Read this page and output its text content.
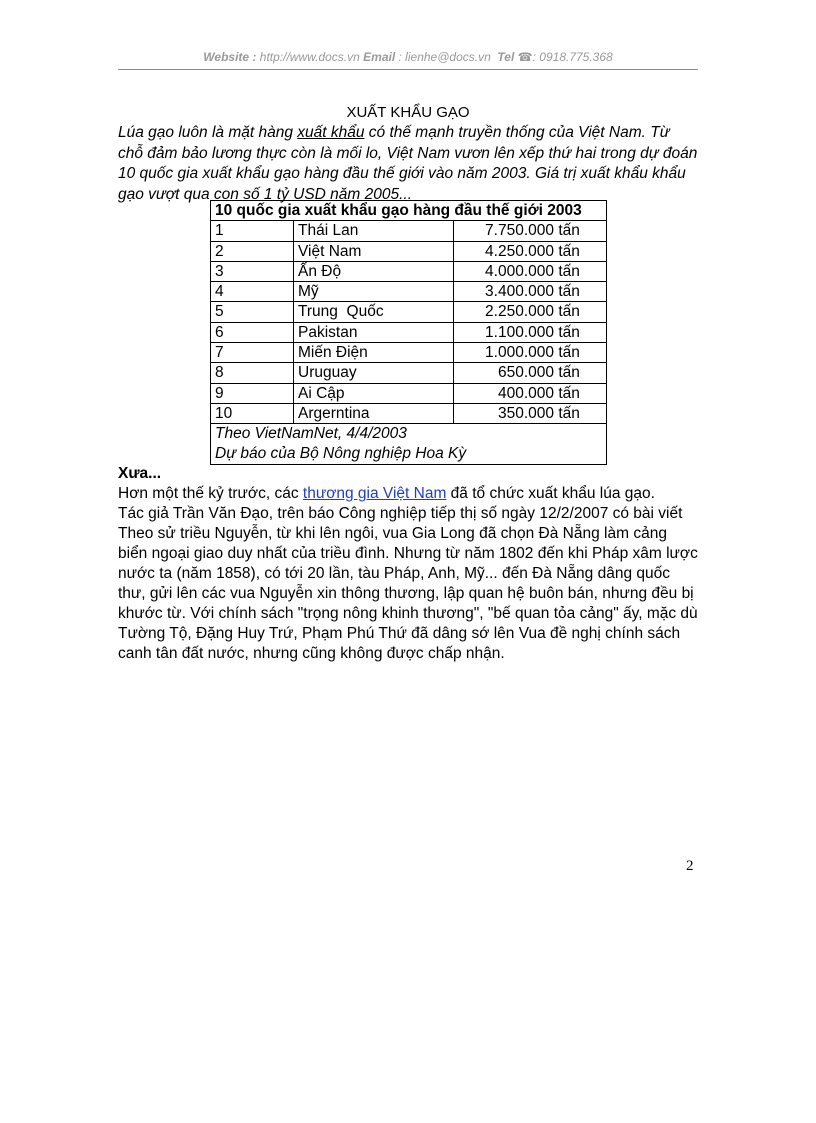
Website : http://www.docs.vn Email : lienhe@docs.vn Tel ☎: 0918.775.368
XUẤT KHẨU GẠO
Lúa gạo luôn là mặt hàng xuất khẩu có thế mạnh truyền thống của Việt Nam. Từ chỗ đảm bảo lương thực còn là mối lo, Việt Nam vươn lên xếp thứ hai trong dự đoán 10 quốc gia xuất khẩu gạo hàng đầu thế giới vào năm 2003. Giá trị xuất khẩu khẩu gạo vượt qua con số 1 tỷ USD năm 2005...
10 quốc gia xuất khẩu gạo hàng đầu thế giới 2003		
1	Thái Lan	7.750.000 tấn
2	Việt Nam	4.250.000 tấn
3	Ấn Độ	4.000.000 tấn
4	Mỹ	3.400.000 tấn
5	Trung  Quốc	2.250.000 tấn
6	Pakistan	1.100.000 tấn
7	Miến Điện	1.000.000 tấn
8	Uruguay	650.000 tấn
9	Ai Cập	400.000 tấn
10	Argerntina	350.000 tấn

Theo VietNamNet, 4/4/2003
Dự báo của Bộ Nông nghiệp Hoa Kỳ		
Xưa...

Hơn một thế kỷ trước, các thương gia Việt Nam đã tổ chức xuất khẩu lúa gạo.

Tác giả Trần Văn Đạo, trên báo Công nghiệp tiếp thị số ngày 12/2/2007 có bài viết

Theo sử triều Nguyễn, từ khi lên ngôi, vua Gia Long đã chọn Đà Nẵng làm cảng biển ngoại giao duy nhất của triều đình. Nhưng từ năm 1802 đến khi Pháp xâm lược nước ta (năm 1858), có tới 20 lần, tàu Pháp, Anh, Mỹ... đến Đà Nẵng dâng quốc thư, gửi lên các vua Nguyễn xin thông thương, lập quan hệ buôn bán, nhưng đều bị khước từ. Với chính sách "trọng nông khinh thương", "bế quan tỏa cảng" ấy, mặc dù Tường Tộ, Đặng Huy Trứ, Phạm Phú Thứ đã dâng sớ lên Vua đề nghị chính sách canh tân đất nước, nhưng cũng không được chấp nhận.

2
